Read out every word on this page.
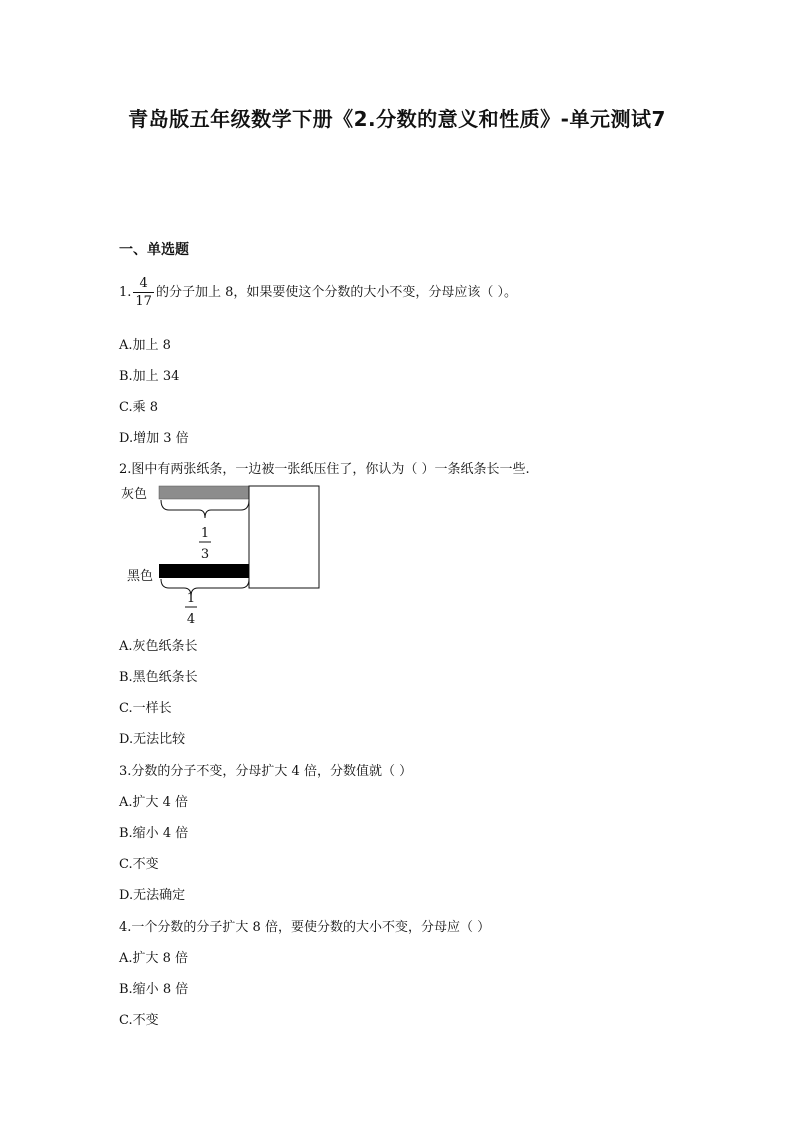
青岛版五年级数学下册《2.分数的意义和性质》-单元测试7
一、单选题
1. $\frac{4}{17}$ 的分子加上 8，如果要使这个分数的大小不变，分母应该（ ）。
A.加上 8
B.加上 34
C.乘 8
D.增加 3 倍
2.图中有两张纸条，一边被一张纸压住了，你认为（ ）一条纸条长一些.
灰色
1
3
黑色
1
4
A.灰色纸条长
B.黑色纸条长
C.一样长
D.无法比较
3.分数的分子不变，分母扩大 4 倍，分数值就（ ）
A.扩大 4 倍
B.缩小 4 倍
C.不变
D.无法确定
4.一个分数的分子扩大 8 倍，要使分数的大小不变，分母应（ ）
A.扩大 8 倍
B.缩小 8 倍
C.不变
